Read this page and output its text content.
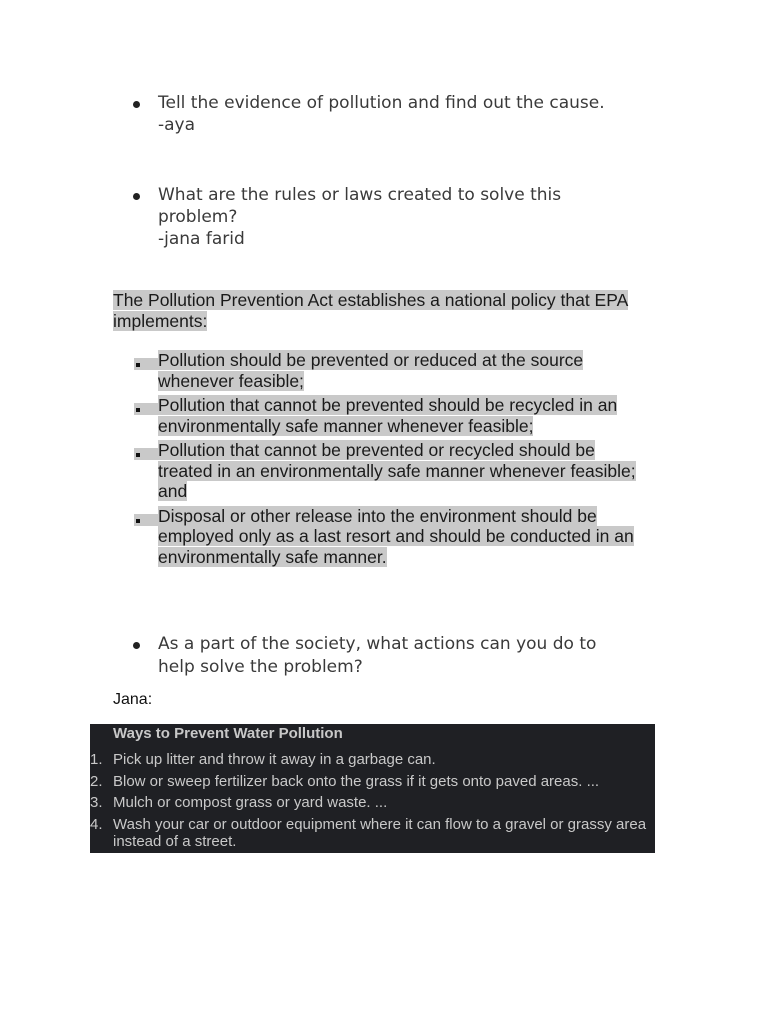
Tell the evidence of pollution and find out the cause.
-aya
What are the rules or laws created to solve this
problem?
-jana farid
The Pollution Prevention Act establishes a national policy that EPA implements:
Pollution should be prevented or reduced at the source whenever feasible;
Pollution that cannot be prevented should be recycled in an environmentally safe manner whenever feasible;
Pollution that cannot be prevented or recycled should be treated in an environmentally safe manner whenever feasible; and
Disposal or other release into the environment should be employed only as a last resort and should be conducted in an environmentally safe manner.
As a part of the society, what actions can you do to
help solve the problem?
Jana:
Ways to Prevent Water Pollution
1. Pick up litter and throw it away in a garbage can.
2. Blow or sweep fertilizer back onto the grass if it gets onto paved areas. ...
3. Mulch or compost grass or yard waste. ...
4. Wash your car or outdoor equipment where it can flow to a gravel or grassy area instead of a street.
